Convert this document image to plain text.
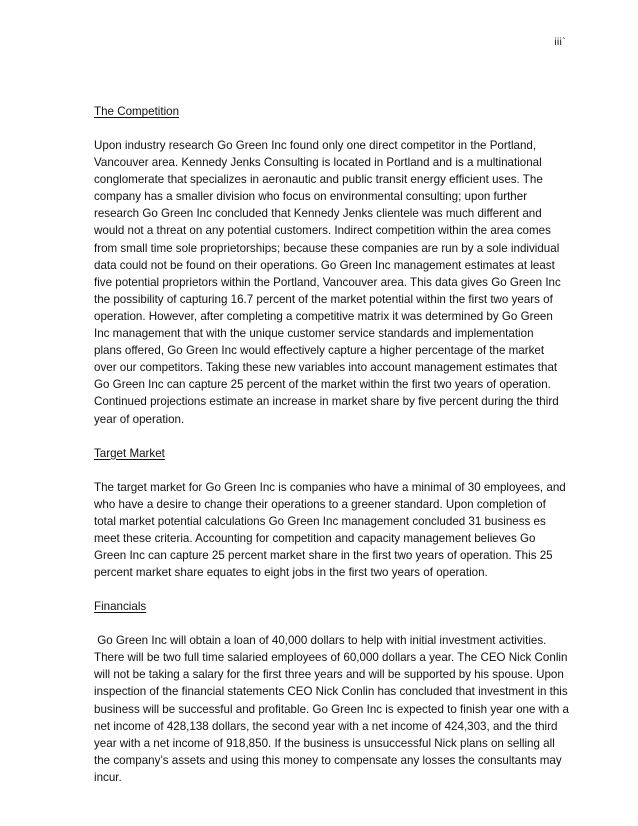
iii`

The Competition

Upon industry research Go Green Inc found only one direct competitor in the Portland,
Vancouver area. Kennedy Jenks Consulting is located in Portland and is a multinational
conglomerate that specializes in aeronautic and public transit energy efficient uses. The
company has a smaller division who focus on environmental consulting; upon further
research Go Green Inc concluded that Kennedy Jenks clientele was much different and
would not a threat on any potential customers. Indirect competition within the area comes
from small time sole proprietorships; because these companies are run by a sole individual
data could not be found on their operations. Go Green Inc management estimates at least
five potential proprietors within the Portland, Vancouver area. This data gives Go Green Inc
the possibility of capturing 16.7 percent of the market potential within the first two years of
operation. However, after completing a competitive matrix it was determined by Go Green
Inc management that with the unique customer service standards and implementation
plans offered, Go Green Inc would effectively capture a higher percentage of the market
over our competitors. Taking these new variables into account management estimates that
Go Green Inc can capture 25 percent of the market within the first two years of operation.
Continued projections estimate an increase in market share by five percent during the third
year of operation.

Target Market

The target market for Go Green Inc is companies who have a minimal of 30 employees, and
who have a desire to change their operations to a greener standard. Upon completion of
total market potential calculations Go Green Inc management concluded 31 business es
meet these criteria. Accounting for competition and capacity management believes Go
Green Inc can capture 25 percent market share in the first two years of operation. This 25
percent market share equates to eight jobs in the first two years of operation.

Financials

Go Green Inc will obtain a loan of 40,000 dollars to help with initial investment activities.
There will be two full time salaried employees of 60,000 dollars a year. The CEO Nick Conlin
will not be taking a salary for the first three years and will be supported by his spouse. Upon
inspection of the financial statements CEO Nick Conlin has concluded that investment in this
business will be successful and profitable. Go Green Inc is expected to finish year one with a
net income of 428,138 dollars, the second year with a net income of 424,303, and the third
year with a net income of 918,850. If the business is unsuccessful Nick plans on selling all
the company’s assets and using this money to compensate any losses the consultants may
incur.
